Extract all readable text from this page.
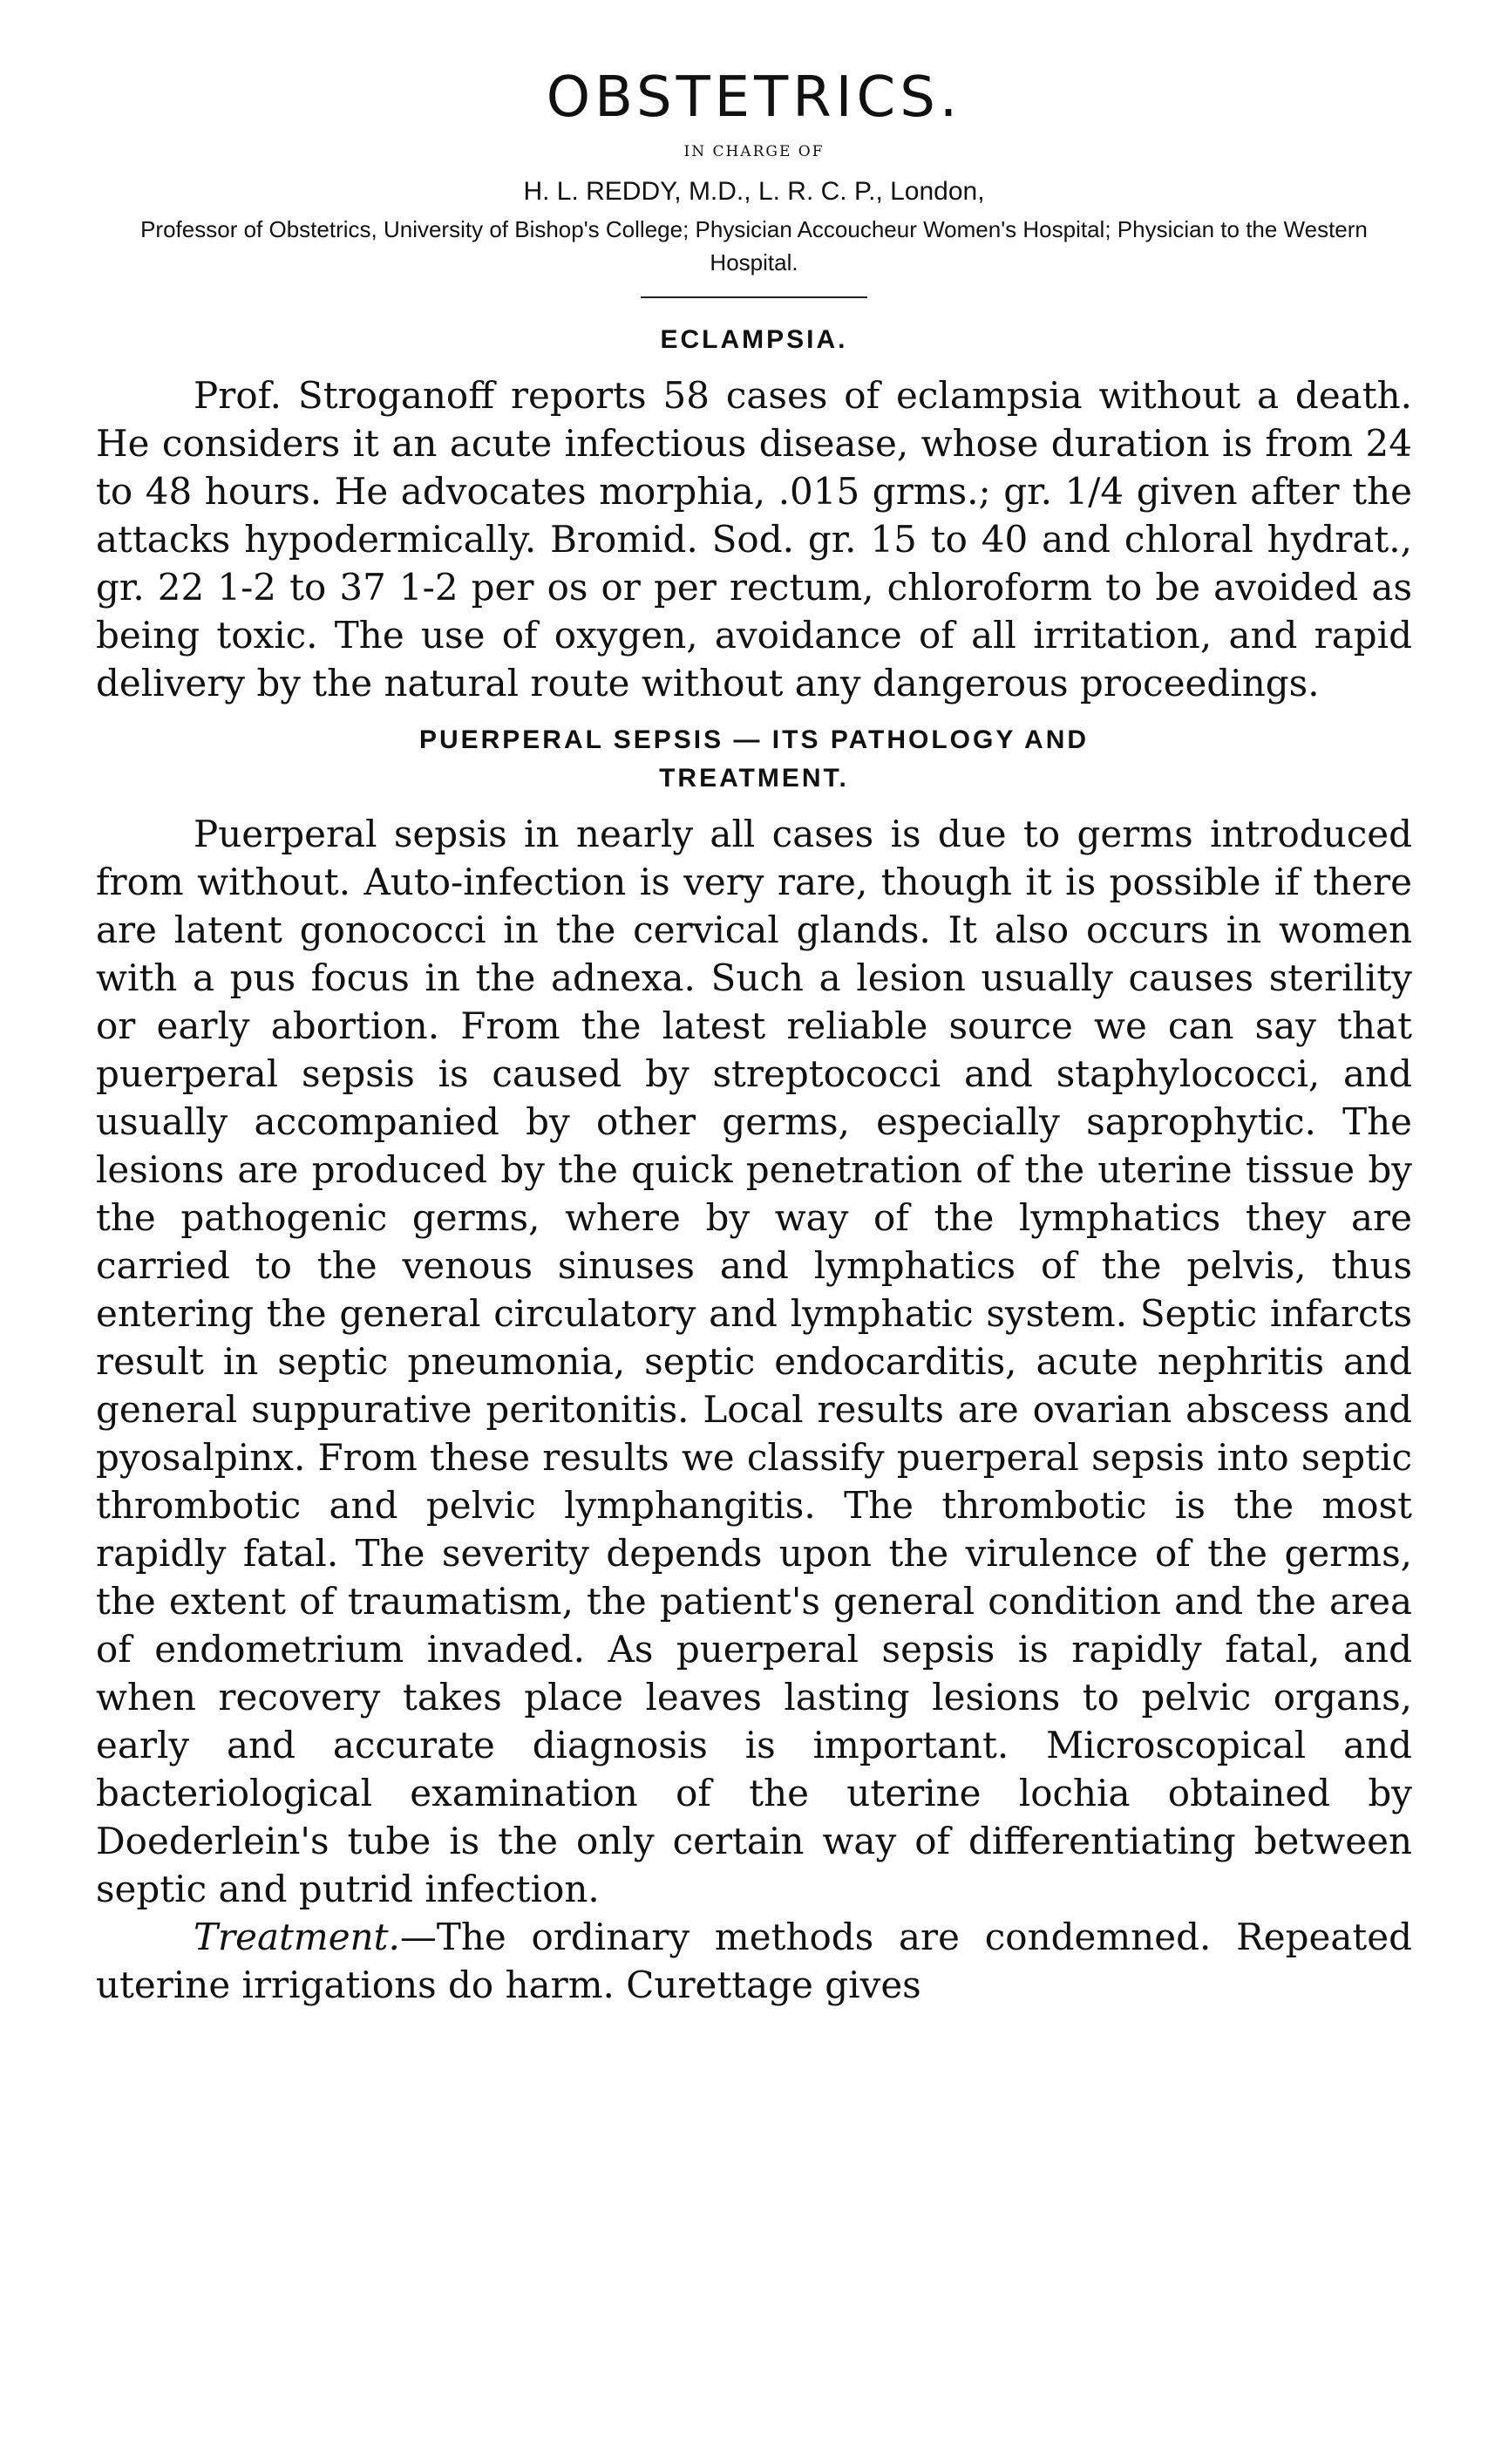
OBSTETRICS.
IN CHARGE OF
H. L. REDDY, M.D., L. R. C. P., London,

Professor of Obstetrics, University of Bishop's College; Physician Accoucheur Women's Hospital; Physician to the Western Hospital.

ECLAMPSIA.

Prof. Stroganoff reports 58 cases of eclampsia without a death. He considers it an acute infectious disease, whose duration is from 24 to 48 hours. He advocates morphia, .015 grms.; gr. 1/4 given after the attacks hypodermically. Bromid. Sod. gr. 15 to 40 and chloral hydrat., gr. 22 1-2 to 37 1-2 per os or per rectum, chloroform to be avoided as being toxic. The use of oxygen, avoidance of all irritation, and rapid delivery by the natural route without any dangerous proceedings.

PUERPERAL SEPSIS — ITS PATHOLOGY AND
TREATMENT.

Puerperal sepsis in nearly all cases is due to germs introduced from without. Auto-infection is very rare, though it is possible if there are latent gonococci in the cervical glands. It also occurs in women with a pus focus in the adnexa. Such a lesion usually causes sterility or early abortion. From the latest reliable source we can say that puerperal sepsis is caused by streptococci and staphylococci, and usually accompanied by other germs, especially saprophytic. The lesions are produced by the quick penetration of the uterine tissue by the pathogenic germs, where by way of the lymphatics they are carried to the venous sinuses and lymphatics of the pelvis, thus entering the general circulatory and lymphatic system. Septic infarcts result in septic pneumonia, septic endocarditis, acute nephritis and general suppurative peritonitis. Local results are ovarian abscess and pyosalpinx. From these results we classify puerperal sepsis into septic thrombotic and pelvic lymphangitis. The thrombotic is the most rapidly fatal. The severity depends upon the virulence of the germs, the extent of traumatism, the patient's general condition and the area of endometrium invaded. As puerperal sepsis is rapidly fatal, and when recovery takes place leaves lasting lesions to pelvic organs, early and accurate diagnosis is important. Microscopical and bacteriological examination of the uterine lochia obtained by Doederlein's tube is the only certain way of differentiating between septic and putrid infection.

Treatment.—The ordinary methods are condemned. Repeated uterine irrigations do harm. Curettage gives
